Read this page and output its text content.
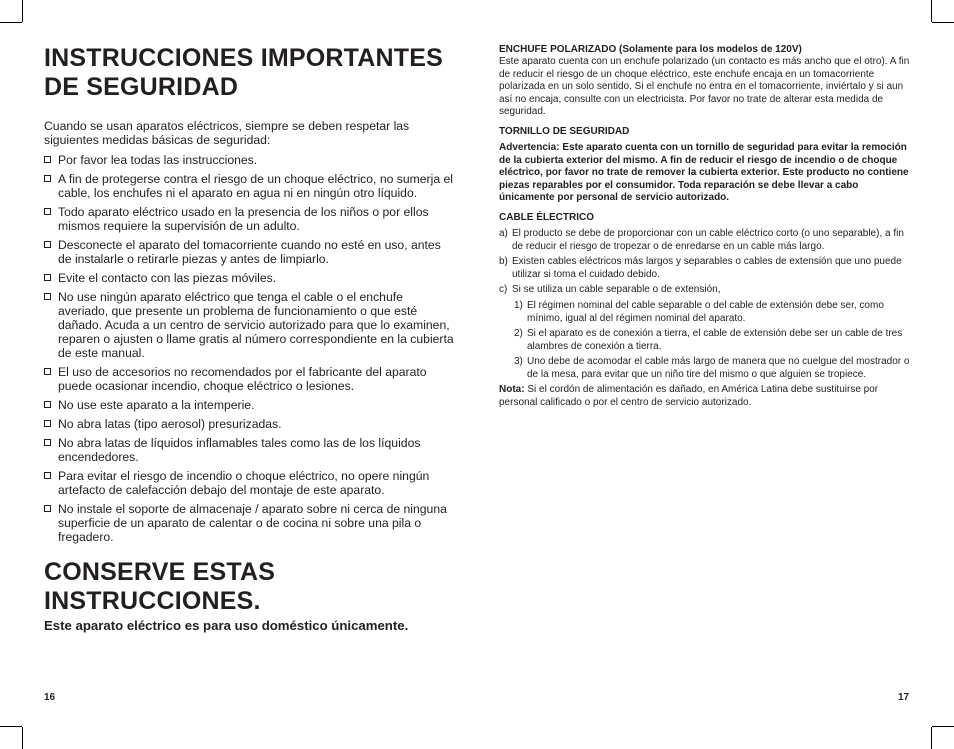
INSTRUCCIONES IMPORTANTES DE SEGURIDAD

Cuando se usan aparatos eléctricos, siempre se deben respetar las siguientes medidas básicas de seguridad:

Por favor lea todas las instrucciones.
A fin de protegerse contra el riesgo de un choque eléctrico, no sumerja el cable, los enchufes ni el aparato en agua ni en ningún otro líquido.
Todo aparato eléctrico usado en la presencia de los niños o por ellos mismos requiere la supervisión de un adulto.
Desconecte el aparato del tomacorriente cuando no esté en uso, antes de instalarle o retirarle piezas y antes de limpiarlo.
Evite el contacto con las piezas móviles.
No use ningún aparato eléctrico que tenga el cable o el enchufe averiado, que presente un problema de funcionamiento o que esté dañado. Acuda a un centro de servicio autorizado para que lo examinen, reparen o ajusten o llame gratis al número correspondiente en la cubierta de este manual.
El uso de accesorios no recomendados por el fabricante del aparato puede ocasionar incendio, choque eléctrico o lesiones.
No use este aparato a la intemperie.
No abra latas (tipo aerosol) presurizadas.
No abra latas de líquidos inflamables tales como las de los líquidos encendedores.
Para evitar el riesgo de incendio o choque eléctrico, no opere ningún artefacto de calefacción debajo del montaje de este aparato.
No instale el soporte de almacenaje / aparato sobre ni cerca de ninguna superficie de un aparato de calentar o de cocina ni sobre una pila o fregadero.
CONSERVE ESTAS INSTRUCCIONES.
Este aparato eléctrico es para uso doméstico únicamente.
16

ENCHUFE POLARIZADO (Solamente para los modelos de 120V)

Este aparato cuenta con un enchufe polarizado (un contacto es más ancho que el otro). A fin de reducir el riesgo de un choque eléctrico, este enchufe encaja en un tomacorriente polarizada en un solo sentido. Si el enchufe no entra en el tomacorriente, inviértalo y si aun así no encaja, consulte con un electricista. Por favor no trate de alterar esta medida de seguridad.

TORNILLO DE SEGURIDAD

Advertencia: Este aparato cuenta con un tornillo de seguridad para evitar la remoción de la cubierta exterior del mismo. A fin de reducir el riesgo de incendio o de choque eléctrico, por favor no trate de remover la cubierta exterior. Este producto no contiene piezas reparables por el consumidor. Toda reparación se debe llevar a cabo únicamente por personal de servicio autorizado.

CABLE ÉLECTRICO

a) El producto se debe de proporcionar con un cable eléctrico corto (o uno separable), a fin de reducir el riesgo de tropezar o de enredarse en un cable más largo.

b) Existen cables eléctricos más largos y separables o cables de extensión que uno puede utilizar si toma el cuidado debido.

c) Si se utiliza un cable separable o de extensión,

1) El régimen nominal del cable separable o del cable de extensión debe ser, como mínimo, igual al del régimen nominal del aparato.

2) Si el aparato es de conexión a tierra, el cable de extensión debe ser un cable de tres alambres de conexión a tierra.

3) Uno debe de acomodar el cable más largo de manera que no cuelgue del mostrador o de la mesa, para evitar que un niño tire del mismo o que alguien se tropiece.

Nota: Si el cordón de alimentación es dañado, en América Latina debe sustituirse por personal calificado o por el centro de servicio autorizado.

17
